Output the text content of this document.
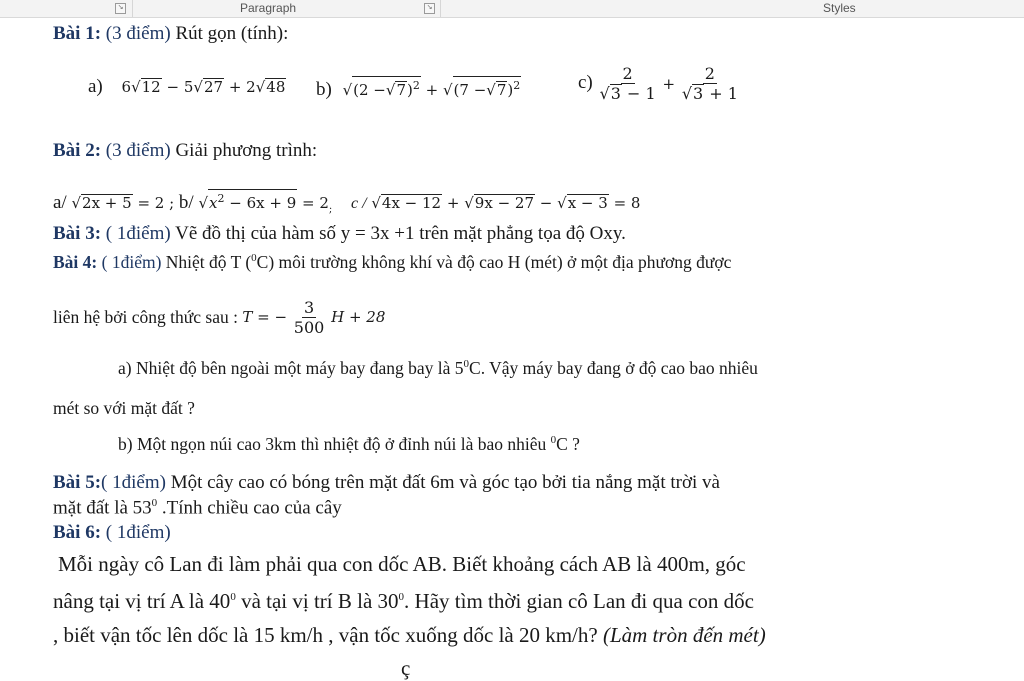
↘	Paragraph	↘	Styles
Bài 1: (3 điểm) Rút gọn (tính):
a) 6√12 − 5√27 + 2√48 b) $√(2 -√7)^2 + √(7 -√7)^2$	$c) \frac{2}{√3 - 1} + \frac{2}{√3 + 1}$
Bài 2: (3 điểm) Giải phương trình:
a/ √2x + 5 = 2 ; b/ $√x^2 - 6x + 9 = 2_;$ c / √4x − 12 + √9x − 27 − √x − 3 = 8
Bài 3: ( 1điểm) Vẽ đồ thị của hàm số y = 3x +1 trên mặt phẳng tọa độ Oxy.
Bài 4: ( 1điểm) Nhiệt độ T ($^0$C) môi trường không khí và độ cao H (mét) ở một địa phương được
liên hệ bởi công thức sau : T = − $\frac{3}{500}$ H + 28
a) Nhiệt độ bên ngoài một máy bay đang bay là $5^0C$. Vậy máy bay đang ở độ cao bao nhiêu
mét so với mặt đất ?
b) Một ngọn núi cao 3km thì nhiệt độ ở đỉnh núi là bao nhiêu $^0$C ?
Bài 5:( 1điểm) Một cây cao có bóng trên mặt đất 6m và góc tạo bởi tia nắng mặt trời và
mặt đất là $53^0$ .Tính chiều cao của cây
Bài 6: ( 1điểm)
Mỗi ngày cô Lan đi làm phải qua con dốc AB. Biết khoảng cách AB là 400m, góc
nâng tại vị trí A là $40^0$ và tại vị trí B là $30^0$. Hãy tìm thời gian cô Lan đi qua con dốc
, biết vận tốc lên dốc là 15 km/h , vận tốc xuống dốc là 20 km/h? (Làm tròn đến mét)
ç
